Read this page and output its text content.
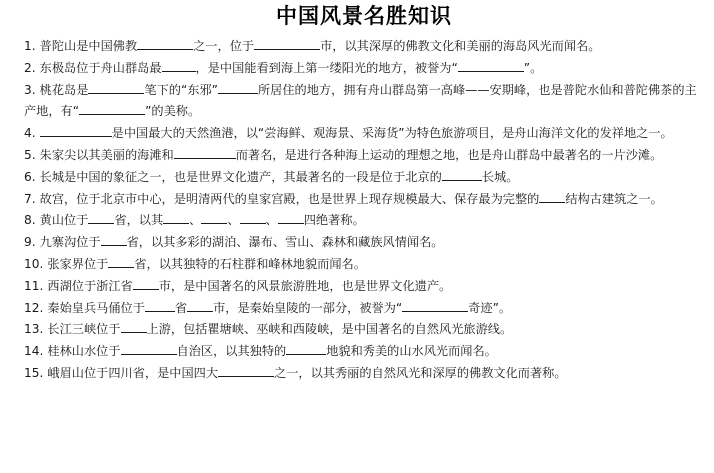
中国风景名胜知识

1. 普陀山是中国佛教	之一，位于	市，以其深厚的佛教文化和美丽的海岛风光而闻名。

2. 东极岛位于舟山群岛最	，是中国能看到海上第一缕阳光的地方，被誉为“	”。

3. 桃花岛是	笔下的“东邪”	所居住的地方，拥有舟山群岛第一高峰——安期峰，也是普陀水仙和普陀佛茶的主产地，有“	”的美称。

4.	是中国最大的天然渔港，以“尝海鲜、观海景、采海货”为特色旅游项目，是舟山海洋文化的发祥地之一。

5. 朱家尖以其美丽的海滩和	而著名，是进行各种海上运动的理想之地，也是舟山群岛中最著名的一片沙滩。

6. 长城是中国的象征之一，也是世界文化遗产，其最著名的一段是位于北京的	长城。

7. 故宫，位于北京市中心，是明清两代的皇家宫殿，也是世界上现存规模最大、保存最为完整的 结构古建筑之一。

8. 黄山位于 省，以其 、 、 、 四绝著称。

9. 九寨沟位于 省，以其多彩的湖泊、瀑布、雪山、森林和藏族风情闻名。

10. 张家界位于 省，以其独特的石柱群和峰林地貌而闻名。

11. 西湖位于浙江省 市，是中国著名的风景旅游胜地，也是世界文化遗产。

12. 秦始皇兵马俑位于 省 市，是秦始皇陵的一部分，被誉为“	奇迹”。

13. 长江三峡位于 上游，包括瞿塘峡、巫峡和西陵峡，是中国著名的自然风光旅游线。

14. 桂林山水位于	自治区，以其独特的	地貌和秀美的山水风光而闻名。

15. 峨眉山位于四川省，是中国四大	之一，以其秀丽的自然风光和深厚的佛教文化而著称。
